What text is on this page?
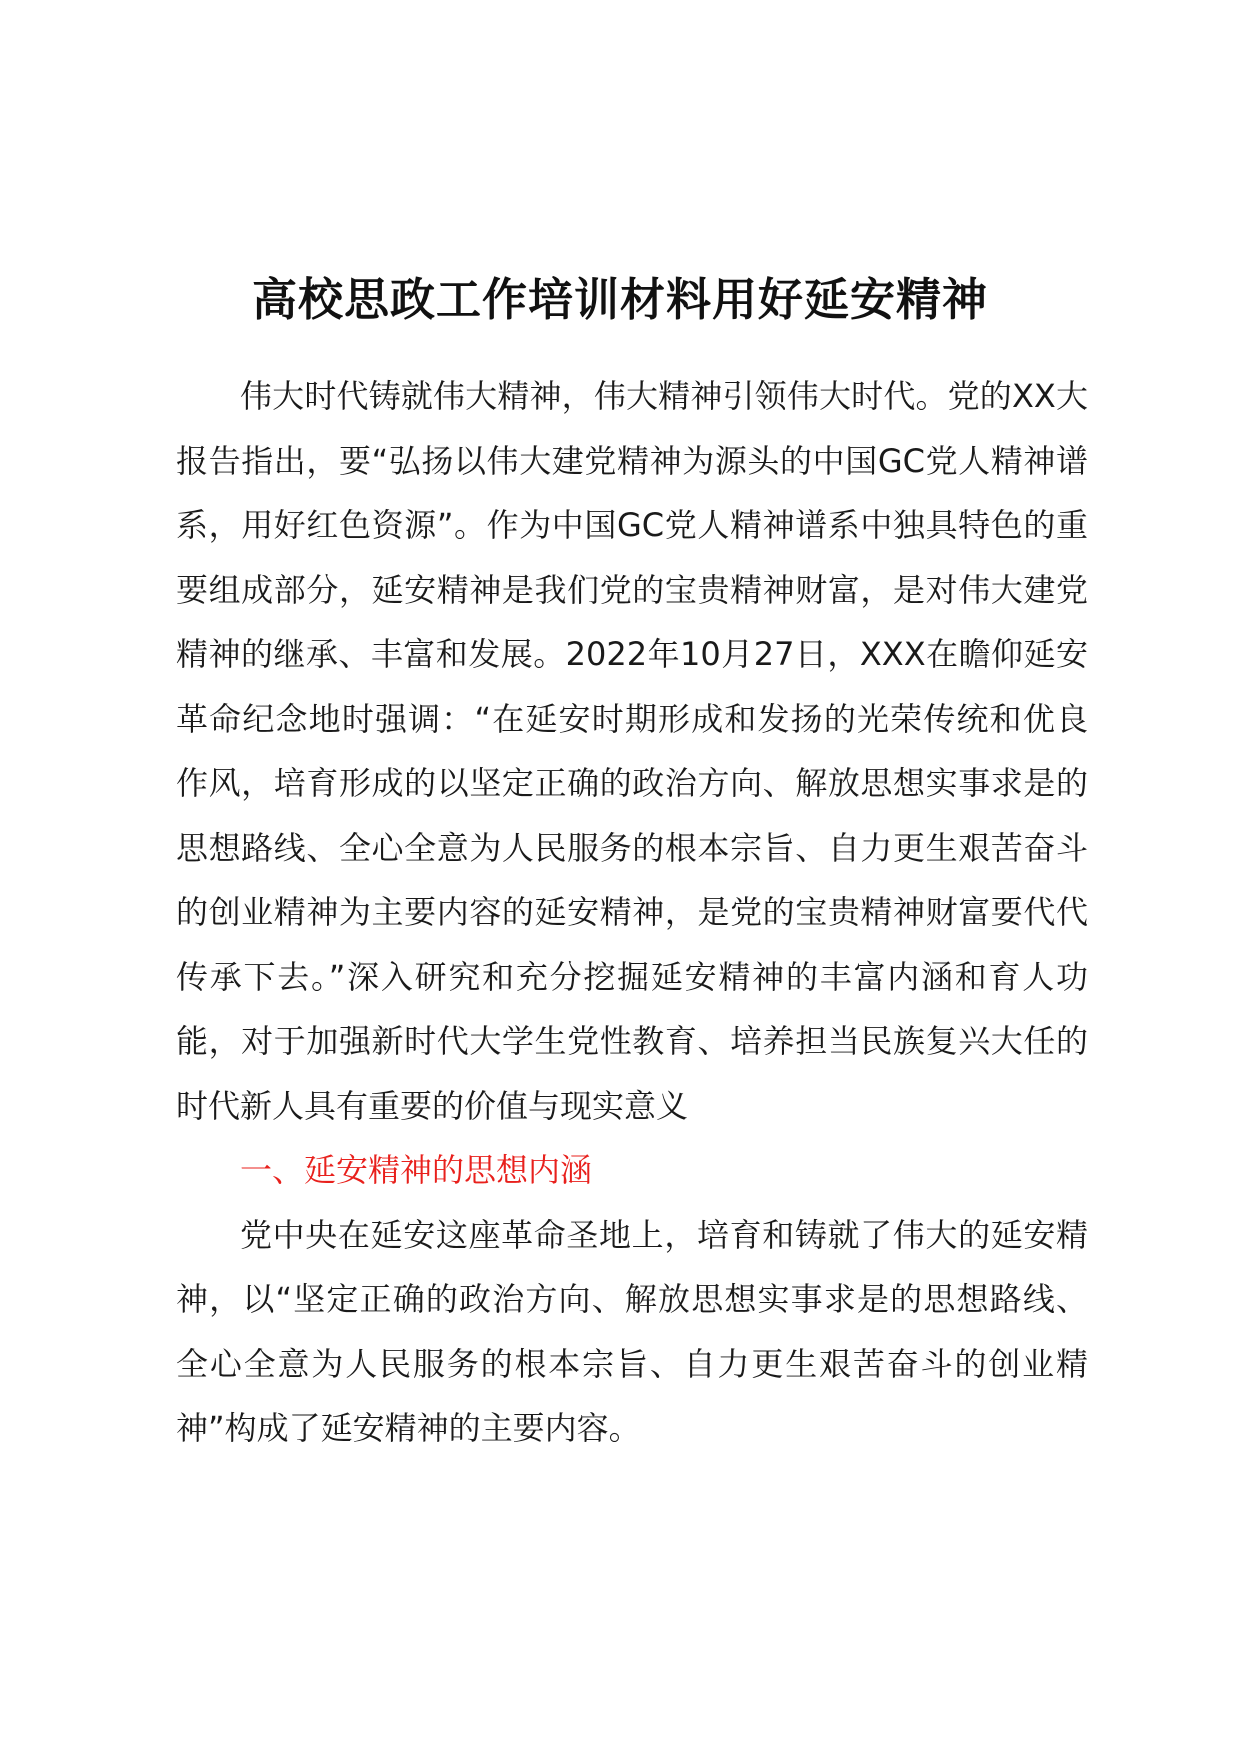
高校思政工作培训材料用好延安精神

伟大时代铸就伟大精神，伟大精神引领伟大时代。党的XX大报告指出，要“弘扬以伟大建党精神为源头的中国GC党人精神谱系，用好红色资源”。作为中国GC党人精神谱系中独具特色的重要组成部分，延安精神是我们党的宝贵精神财富，是对伟大建党精神的继承、丰富和发展。2022年10月27日，XXX在瞻仰延安革命纪念地时强调：“在延安时期形成和发扬的光荣传统和优良作风，培育形成的以坚定正确的政治方向、解放思想实事求是的思想路线、全心全意为人民服务的根本宗旨、自力更生艰苦奋斗的创业精神为主要内容的延安精神，是党的宝贵精神财富要代代传承下去。”深入研究和充分挖掘延安精神的丰富内涵和育人功能，对于加强新时代大学生党性教育、培养担当民族复兴大任的时代新人具有重要的价值与现实意义

一、延安精神的思想内涵

党中央在延安这座革命圣地上，培育和铸就了伟大的延安精神，以“坚定正确的政治方向、解放思想实事求是的思想路线、全心全意为人民服务的根本宗旨、自力更生艰苦奋斗的创业精神”构成了延安精神的主要内容。
